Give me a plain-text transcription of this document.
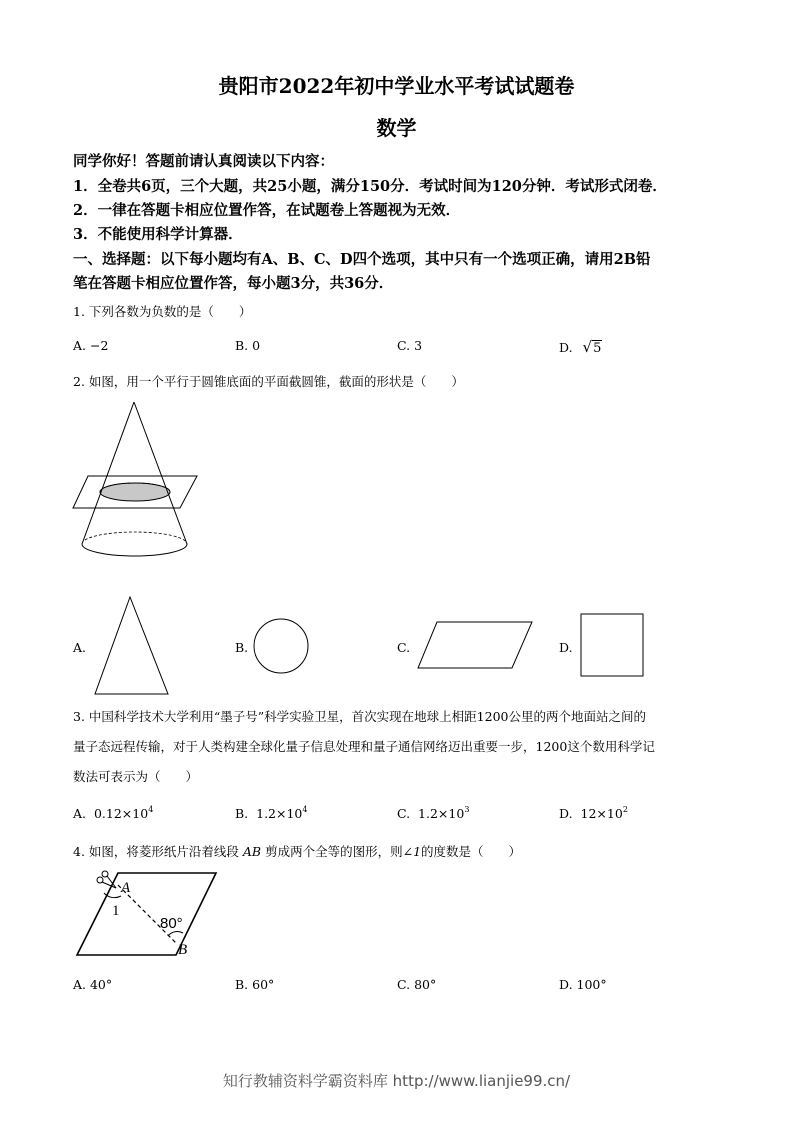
贵阳市2022年初中学业水平考试试题卷
数学
同学你好！答题前请认真阅读以下内容：
1．全卷共6页，三个大题，共25小题，满分150分．考试时间为120分钟．考试形式闭卷．
2．一律在答题卡相应位置作答，在试题卷上答题视为无效．
3．不能使用科学计算器．
一、选择题：以下每小题均有A、B、C、D四个选项，其中只有一个选项正确，请用2B铅
笔在答题卡相应位置作答，每小题3分，共36分．
1. 下列各数为负数的是（　　）
A. −2	B. 0	C. 3	D. √5
2. 如图，用一个平行于圆锥底面的平面截圆锥，截面的形状是（　　）
A.	B.	C.	D.
3. 中国科学技术大学利用“墨子号”科学实验卫星，首次实现在地球上相距1200公里的两个地面站之间的
量子态远程传输，对于人类构建全球化量子信息处理和量子通信网络迈出重要一步，1200这个数用科学记
数法可表示为（　　）
A. $0.12\times 10^4$	B. $1.2\times 10^4$	C. $1.2\times 10^3$	D. $12\times 10^2$
4. 如图，将菱形纸片沿着线段 AB 剪成两个全等的图形，则∠1的度数是（　　）
A
1
80°
B
A. 40°	B. 60°	C. 80°	D. 100°
知行教辅资料学霸资料库 http://www.lianjie99.cn/
